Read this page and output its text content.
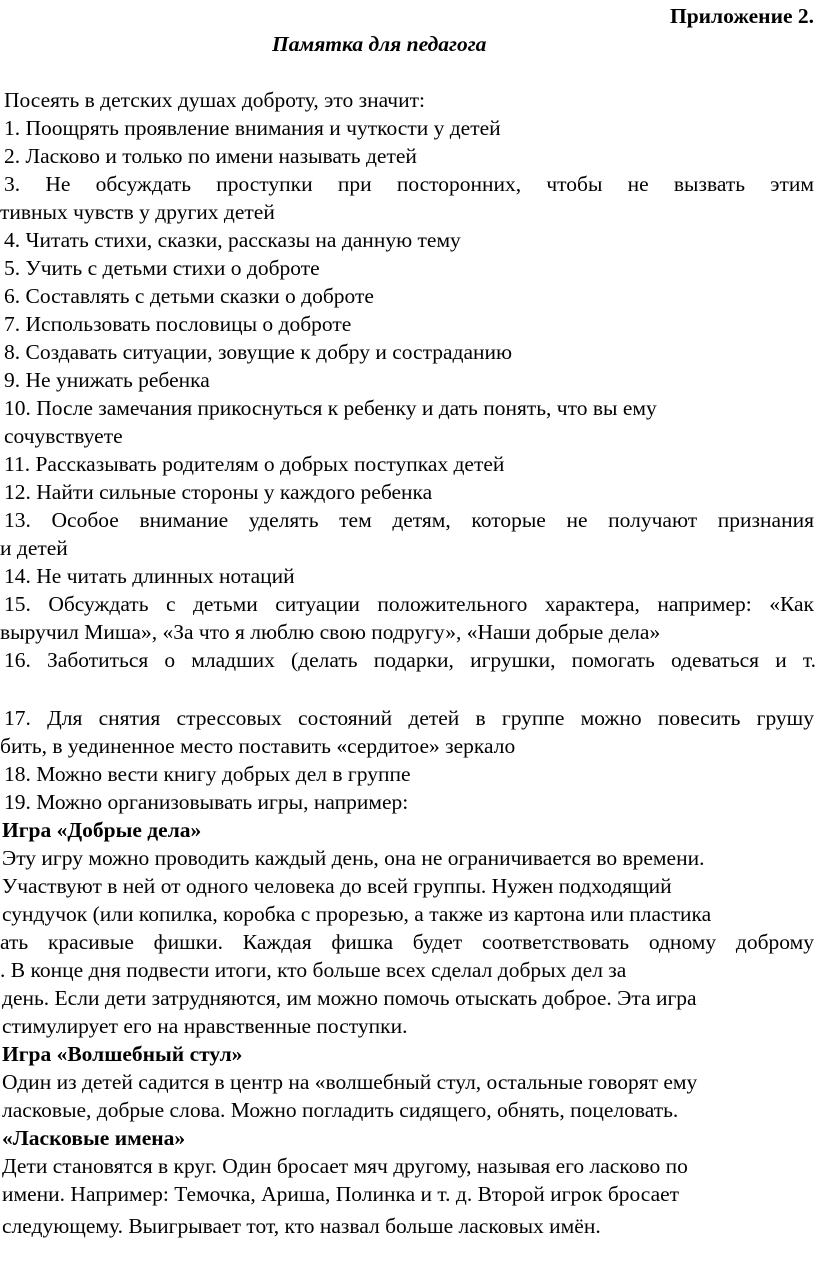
Приложение 2.
Памятка для педагога
Посеять в детских душах доброту, это значит:
1. Поощрять проявление внимания и чуткости у детей
2. Ласково и только по имени называть детей
3. Не обсуждать проступки при посторонних, чтобы не вызвать этим
тивных чувств у других детей
4. Читать стихи, сказки, рассказы на данную тему
5. Учить с детьми стихи о доброте
6. Составлять с детьми сказки о доброте
7. Использовать пословицы о доброте
8. Создавать ситуации, зовущие к добру и состраданию
9. Не унижать ребенка
10. После замечания прикоснуться к ребенку и дать понять, что вы ему
сочувствуете
11. Рассказывать родителям о добрых поступках детей
12. Найти сильные стороны у каждого ребенка
13. Особое внимание уделять тем детям, которые не получают признания
и детей
14. Не читать длинных нотаций
15. Обсуждать с детьми ситуации положительного характера, например: «Как
выручил Миша», «За что я люблю свою подругу», «Наши добрые дела»
16. Заботиться о младших (делать подарки, игрушки, помогать одеваться и т.
17. Для снятия стрессовых состояний детей в группе можно повесить грушу
бить, в уединенное место поставить «сердитое» зеркало
18. Можно вести книгу добрых дел в группе
19. Можно организовывать игры, например:
Игра «Добрые дела»
Эту игру можно проводить каждый день, она не ограничивается во времени.
Участвуют в ней от одного человека до всей группы. Нужен подходящий
сундучок (или копилка, коробка с прорезью, а также из картона или пластика
ать красивые фишки. Каждая фишка будет соответствовать одному доброму
. В конце дня подвести итоги, кто больше всех сделал добрых дел за
день. Если дети затрудняются, им можно помочь отыскать доброе. Эта игра
стимулирует его на нравственные поступки.
Игра «Волшебный стул»
Один из детей садится в центр на «волшебный стул, остальные говорят ему
ласковые, добрые слова. Можно погладить сидящего, обнять, поцеловать.
«Ласковые имена»
Дети становятся в круг. Один бросает мяч другому, называя его ласково по
имени. Например: Темочка, Ариша, Полинка и т. д. Второй игрок бросает
следующему. Выигрывает тот, кто назвал больше ласковых имён.
